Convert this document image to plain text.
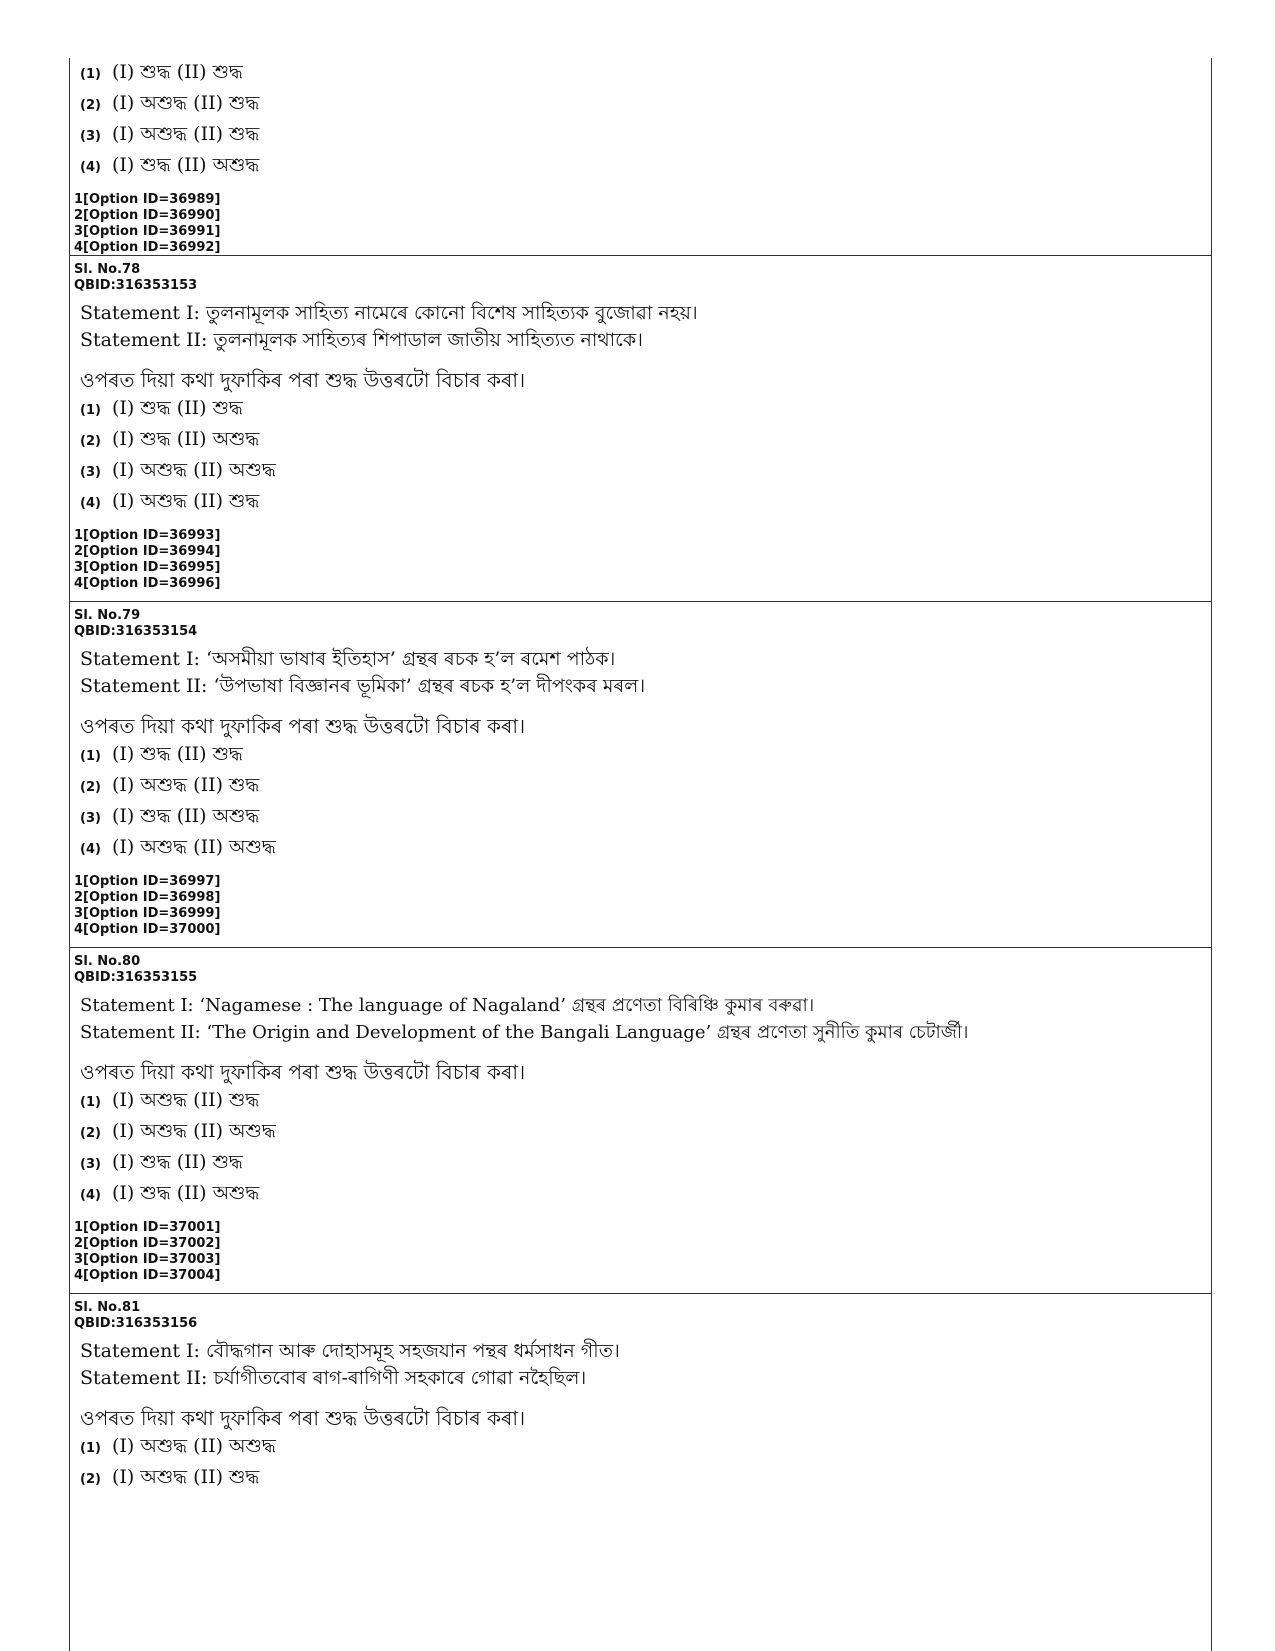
(1) (I) শুদ্ধ (II) শুদ্ধ
(2) (I) অশুদ্ধ (II) শুদ্ধ
(3) (I) অশুদ্ধ (II) শুদ্ধ
(4) (I) শুদ্ধ (II) অশুদ্ধ
1[Option ID=36989]
2[Option ID=36990]
3[Option ID=36991]
4[Option ID=36992]
Sl. No.78
QBID:316353153
Statement I: তুলনামূলক সাহিত্য নামেৰে কোনো বিশেষ সাহিত্যক বুজোৱা নহয়।
Statement II: তুলনামূলক সাহিত্যৰ শিপাডাল জাতীয় সাহিত্যত নাথাকে।
ওপৰত দিয়া কথা দুফাকিৰ পৰা শুদ্ধ উত্তৰটো বিচাৰ কৰা।
(1) (I) শুদ্ধ (II) শুদ্ধ
(2) (I) শুদ্ধ (II) অশুদ্ধ
(3) (I) অশুদ্ধ (II) অশুদ্ধ
(4) (I) অশুদ্ধ (II) শুদ্ধ
1[Option ID=36993]
2[Option ID=36994]
3[Option ID=36995]
4[Option ID=36996]
Sl. No.79
QBID:316353154
Statement I: ‘অসমীয়া ভাষাৰ ইতিহাস’ গ্ৰন্থৰ ৰচক হ’ল ৰমেশ পাঠক।
Statement II: ‘উপভাষা বিজ্ঞানৰ ভূমিকা’ গ্ৰন্থৰ ৰচক হ’ল দীপংকৰ মৰল।
ওপৰত দিয়া কথা দুফাকিৰ পৰা শুদ্ধ উত্তৰটো বিচাৰ কৰা।
(1) (I) শুদ্ধ (II) শুদ্ধ
(2) (I) অশুদ্ধ (II) শুদ্ধ
(3) (I) শুদ্ধ (II) অশুদ্ধ
(4) (I) অশুদ্ধ (II) অশুদ্ধ
1[Option ID=36997]
2[Option ID=36998]
3[Option ID=36999]
4[Option ID=37000]
Sl. No.80
QBID:316353155
Statement I: ‘Nagamese : The language of Nagaland’ গ্ৰন্থৰ প্ৰণেতা বিৰিঞ্চি কুমাৰ বৰুৱা।
Statement II: ‘The Origin and Development of the Bangali Language’ গ্ৰন্থৰ প্ৰণেতা সুনীতি কুমাৰ চেটাৰ্জী।
ওপৰত দিয়া কথা দুফাকিৰ পৰা শুদ্ধ উত্তৰটো বিচাৰ কৰা।
(1) (I) অশুদ্ধ (II) শুদ্ধ
(2) (I) অশুদ্ধ (II) অশুদ্ধ
(3) (I) শুদ্ধ (II) শুদ্ধ
(4) (I) শুদ্ধ (II) অশুদ্ধ
1[Option ID=37001]
2[Option ID=37002]
3[Option ID=37003]
4[Option ID=37004]
Sl. No.81
QBID:316353156
Statement I: বৌদ্ধগান আৰু দোহাসমূহ সহজযান পন্থৰ ধৰ্মসাধন গীত।
Statement II: চৰ্যাগীতবোৰ ৰাগ-ৰাগিণী সহকাৰে গোৱা নহৈছিল।
ওপৰত দিয়া কথা দুফাকিৰ পৰা শুদ্ধ উত্তৰটো বিচাৰ কৰা।
(1) (I) অশুদ্ধ (II) অশুদ্ধ
(2) (I) অশুদ্ধ (II) শুদ্ধ
